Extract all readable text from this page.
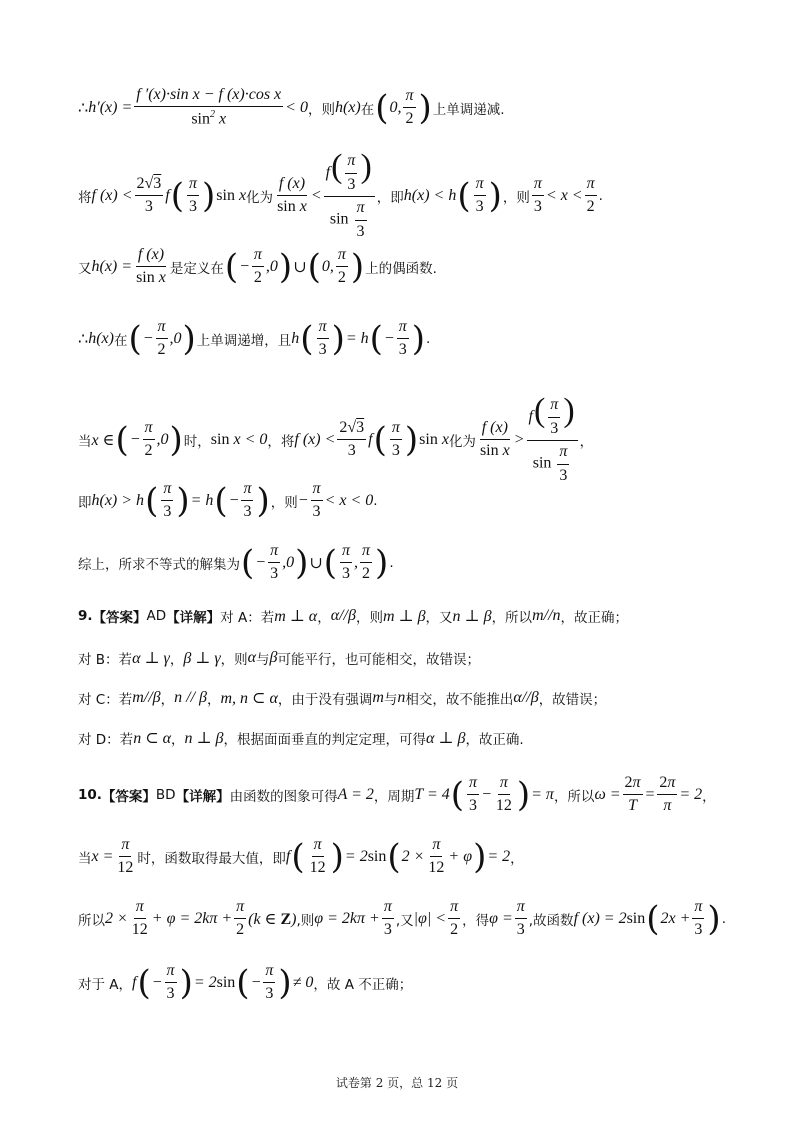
∴ $h'(x) = \frac{\text{f ′(x)·sin x − f (x)·cos x}}{\sin^2 x} < 0$ ，则 h(x) 在 ( 0, $\frac{\pi}{2}$ ) 上单调递减.
将 f $(x) < \frac{2√3}{3}$ f ( $\frac{\pi}{3}$ ) sin x 化为 $\frac{f (x)}{\text{sin x}} < \frac{f( \frac{\pi}{3} )}{\sin \frac{\pi}{3}}$ ，即 h(x) < h ( $\frac{\pi}{3}$ ) ，则 $\frac{\pi}{3} < x < \frac{\pi}{2}$ .
又 $h(x) = \frac{f (x)}{\text{sin x}}$ 是定义在 ( − $\frac{\pi}{2} ,0$ ) ∪ ( 0, $\frac{\pi}{2}$ ) 上的偶函数.
∴ h(x) 在 ( − $\frac{\pi}{2} ,0$ ) 上单调递增，且 h ( $\frac{\pi}{3}$ ) = h ( − $\frac{\pi}{3}$ ) .
当 x ∈ ( − $\frac{\pi}{2} ,0$ ) 时， sin x < 0 ，将 f $(x) < \frac{2√3}{3}$ f ( $\frac{\pi}{3}$ ) sin x 化为 $\frac{f (x)}{\text{sin x}} > \frac{f( \frac{\pi}{3} )}{\sin \frac{\pi}{3}}$ ，
即 h(x) > h ( $\frac{\pi}{3}$ ) = h ( − $\frac{\pi}{3}$ ) ，则 − $\frac{\pi}{3} < x < 0$ .
综上，所求不等式的解集为 ( − $\frac{\pi}{3} ,0$ ) ∪ ( $\frac{\pi}{3}$ , $\frac{\pi}{2}$ ) .
9. 【答案】 AD 【详解】 对 A：若 m ⊥ α ， α//β ，则 m ⊥ β ，又 n ⊥ β ，所以 m//n ，故正确；
对 B：若 α ⊥ γ ， β ⊥ γ ，则 α 与 β 可能平行，也可能相交，故错误；
对 C：若 m//β ， n // β ， m, n ⊂ α ，由于没有强调 m 与 n 相交，故不能推出 α//β ，故错误；
对 D：若 n ⊂ α ， n ⊥ β ，根据面面垂直的判定定理，可得 α ⊥ β ，故正确.
10. 【答案】 BD 【详解】 由函数的图象可得 A = 2 ，周期 T = 4 ( $\frac{\pi}{3} - \frac{\pi}{12}$ ) = π ，所以 $\omega = \frac{2\pi}{T} = \frac{2\pi}{\pi} = 2$ ，
当 $x = \frac{\pi}{12}$ 时，函数取得最大值，即 f ( $\frac{\pi}{12}$ ) = 2sin ( $2 \times \frac{\pi}{12} + \varphi$ ) = 2 ，
所以 $2 \times \frac{\pi}{12} + \varphi = 2k\pi + \frac{\pi}{2} (k$ ∈ Z) ,则 $\varphi = 2k\pi + \frac{\pi}{3}$ ,又 $|\varphi| < \frac{\pi}{2}$ ，得 $\varphi = \frac{\pi}{3}$ ,故函数 f (x) = 2sin ( $2x + \frac{\pi}{3}$ ) .
对于 A， f ( − $\frac{\pi}{3}$ ) = 2sin ( − $\frac{\pi}{3}$ ) ≠ 0 ，故 A 不正确；
试卷第 2 页，总 12 页
